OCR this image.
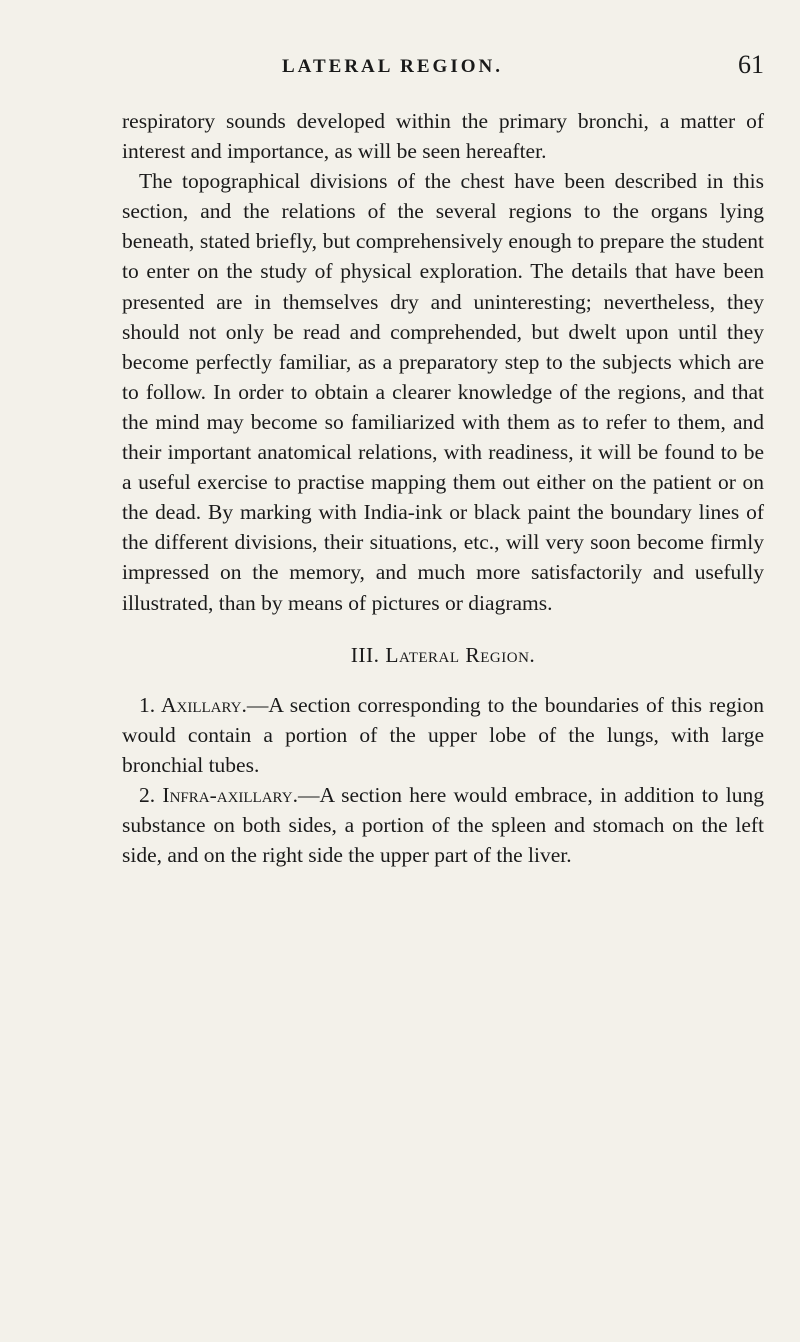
LATERAL REGION.	61

respiratory sounds developed within the primary bronchi, a matter of interest and importance, as will be seen hereafter.

The topographical divisions of the chest have been described in this section, and the relations of the several regions to the organs lying beneath, stated briefly, but comprehensively enough to prepare the student to enter on the study of physical exploration. The details that have been presented are in themselves dry and uninteresting; nevertheless, they should not only be read and comprehended, but dwelt upon until they become perfectly familiar, as a preparatory step to the subjects which are to follow. In order to obtain a clearer knowledge of the regions, and that the mind may become so familiarized with them as to refer to them, and their important anatomical relations, with readiness, it will be found to be a useful exercise to practise mapping them out either on the patient or on the dead. By marking with India-ink or black paint the boundary lines of the different divisions, their situations, etc., will very soon become firmly impressed on the memory, and much more satisfactorily and usefully illustrated, than by means of pictures or diagrams.

III. Lateral Region.

1. Axillary.—A section corresponding to the boundaries of this region would contain a portion of the upper lobe of the lungs, with large bronchial tubes.

2. Infra-axillary.—A section here would embrace, in addition to lung substance on both sides, a portion of the spleen and stomach on the left side, and on the right side the upper part of the liver.
